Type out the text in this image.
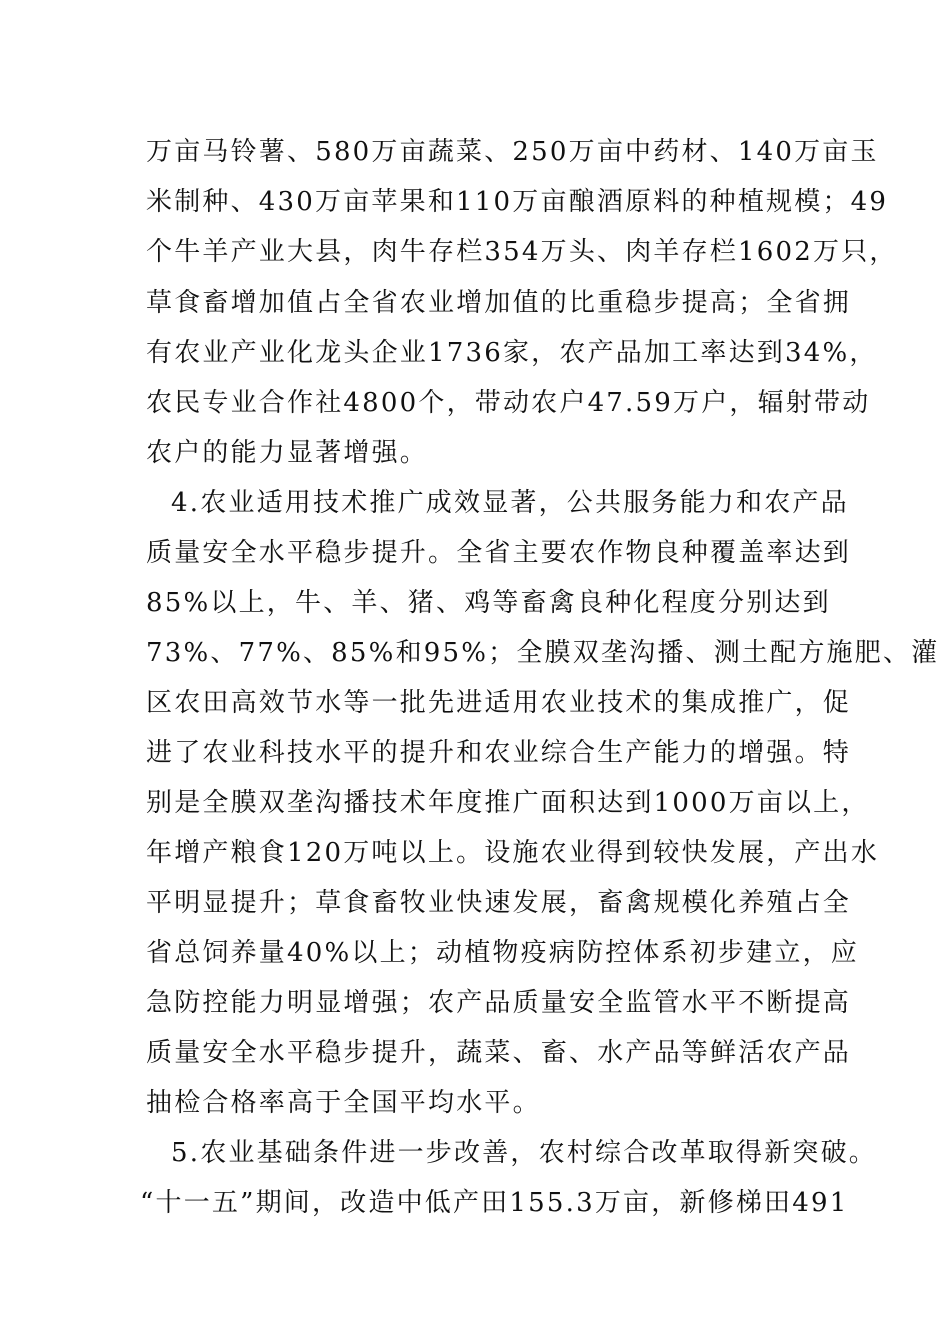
万亩马铃薯、580万亩蔬菜、250万亩中药材、140万亩玉
米制种、430万亩苹果和110万亩酿酒原料的种植规模；49
个牛羊产业大县，肉牛存栏354万头、肉羊存栏1602万只，
草食畜增加值占全省农业增加值的比重稳步提高；全省拥
有农业产业化龙头企业1736家，农产品加工率达到34%，
农民专业合作社4800个，带动农户47.59万户，辐射带动
农户的能力显著增强。
4.农业适用技术推广成效显著，公共服务能力和农产品
质量安全水平稳步提升。全省主要农作物良种覆盖率达到
85%以上，牛、羊、猪、鸡等畜禽良种化程度分别达到
73%、77%、85%和95%；全膜双垄沟播、测土配方施肥、灌
区农田高效节水等一批先进适用农业技术的集成推广，促
进了农业科技水平的提升和农业综合生产能力的增强。特
别是全膜双垄沟播技术年度推广面积达到1000万亩以上，
年增产粮食120万吨以上。设施农业得到较快发展，产出水
平明显提升；草食畜牧业快速发展，畜禽规模化养殖占全
省总饲养量40%以上；动植物疫病防控体系初步建立，应
急防控能力明显增强；农产品质量安全监管水平不断提高
质量安全水平稳步提升，蔬菜、畜、水产品等鲜活农产品
抽检合格率高于全国平均水平。
5.农业基础条件进一步改善，农村综合改革取得新突破。
“十一五”期间，改造中低产田155.3万亩，新修梯田491
